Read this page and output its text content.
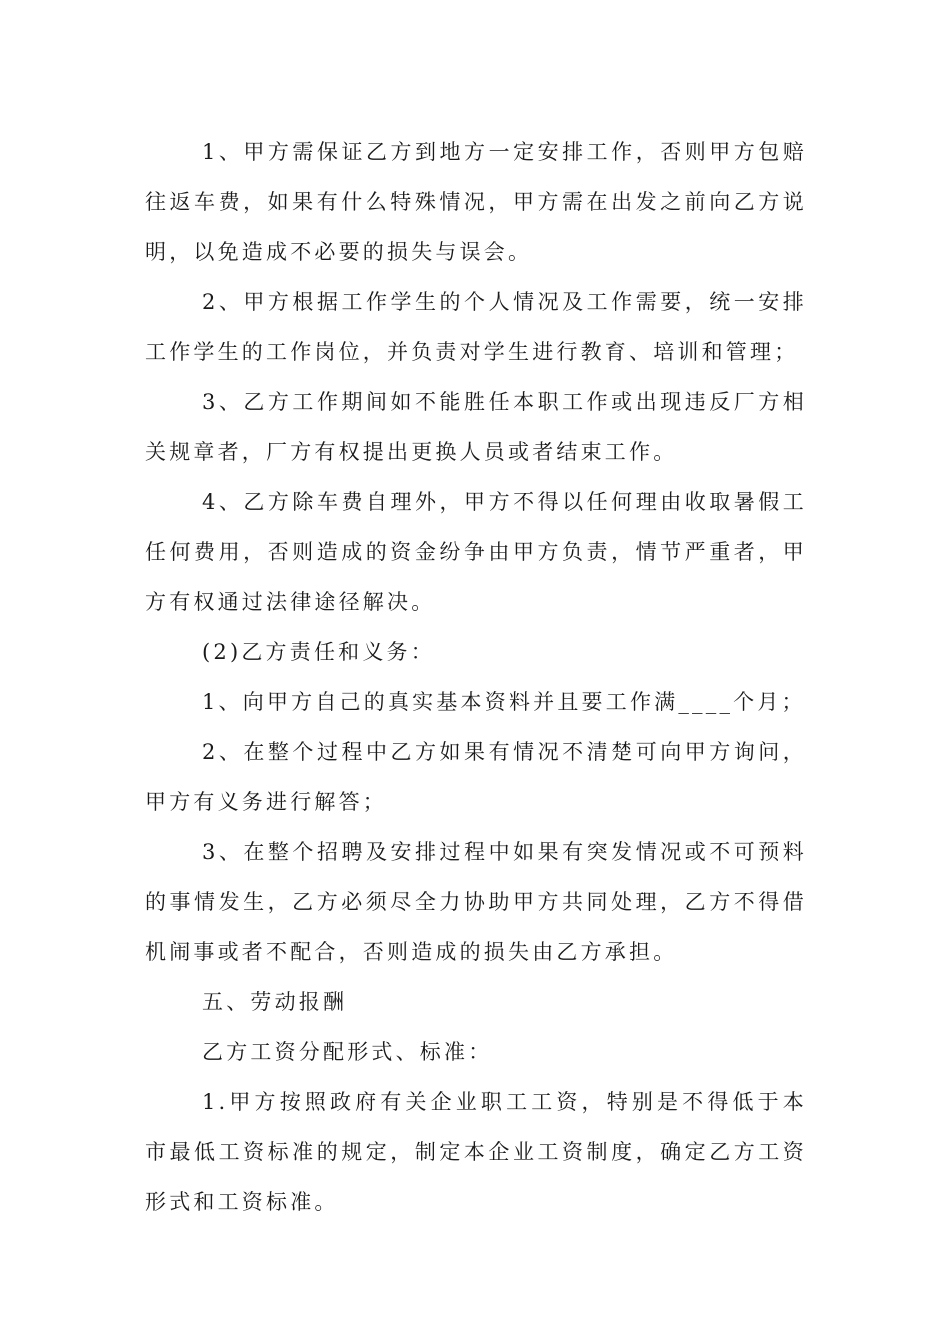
1、甲方需保证乙方到地方一定安排工作，否则甲方包赔往返车费，如果有什么特殊情况，甲方需在出发之前向乙方说明，以免造成不必要的损失与误会。

2、甲方根据工作学生的个人情况及工作需要，统一安排工作学生的工作岗位，并负责对学生进行教育、培训和管理；

3、乙方工作期间如不能胜任本职工作或出现违反厂方相关规章者，厂方有权提出更换人员或者结束工作。

4、乙方除车费自理外，甲方不得以任何理由收取暑假工任何费用，否则造成的资金纷争由甲方负责，情节严重者，甲方有权通过法律途径解决。

(2)乙方责任和义务：

1、向甲方自己的真实基本资料并且要工作满____个月；

2、在整个过程中乙方如果有情况不清楚可向甲方询问，甲方有义务进行解答；

3、在整个招聘及安排过程中如果有突发情况或不可预料的事情发生，乙方必须尽全力协助甲方共同处理，乙方不得借机闹事或者不配合，否则造成的损失由乙方承担。

五、劳动报酬

乙方工资分配形式、标准：

1.甲方按照政府有关企业职工工资，特别是不得低于本市最低工资标准的规定，制定本企业工资制度，确定乙方工资形式和工资标准。
